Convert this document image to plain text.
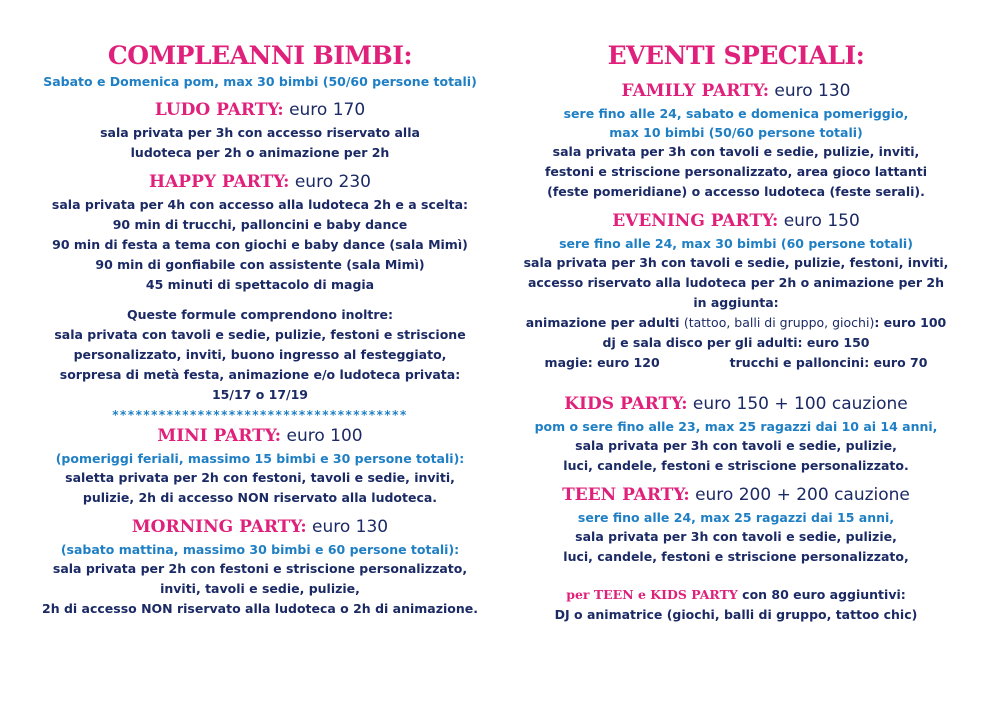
COMPLEANNI BIMBI:

Sabato e Domenica pom, max 30 bimbi (50/60 persone totali)

LUDO PARTY: euro 170

sala privata per 3h con accesso riservato alla

ludoteca per 2h o animazione per 2h

HAPPY PARTY: euro 230

sala privata per 4h con accesso alla ludoteca 2h e a scelta:

90 min di trucchi, palloncini e baby dance

90 min di festa a tema con giochi e baby dance (sala Mimì)

90 min di gonfiabile con assistente (sala Mimì)

45 minuti di spettacolo di magia

Queste formule comprendono inoltre:

sala privata con tavoli e sedie, pulizie, festoni e striscione

personalizzato, inviti, buono ingresso al festeggiato,

sorpresa di metà festa, animazione e/o ludoteca privata:

15/17 o 17/19

**************************************

MINI PARTY: euro 100

(pomeriggi feriali, massimo 15 bimbi e 30 persone totali):

saletta privata per 2h con festoni, tavoli e sedie, inviti,

pulizie, 2h di accesso NON riservato alla ludoteca.

MORNING PARTY: euro 130

(sabato mattina, massimo 30 bimbi e 60 persone totali):

sala privata per 2h con festoni e striscione personalizzato,

inviti, tavoli e sedie, pulizie,

2h di accesso NON riservato alla ludoteca o 2h di animazione.

EVENTI SPECIALI:

FAMILY PARTY: euro 130

sere fino alle 24, sabato e domenica pomeriggio,

max 10 bimbi (50/60 persone totali)

sala privata per 3h con tavoli e sedie, pulizie, inviti,

festoni e striscione personalizzato, area gioco lattanti

(feste pomeridiane) o accesso ludoteca (feste serali).

EVENING PARTY: euro 150

sere fino alle 24, max 30 bimbi (60 persone totali)

sala privata per 3h con tavoli e sedie, pulizie, festoni, inviti,

accesso riservato alla ludoteca per 2h o animazione per 2h

in aggiunta:

animazione per adulti (tattoo, balli di gruppo, giochi): euro 100

dj e sala disco per gli adulti: euro 150

magie: euro 120	trucchi e palloncini: euro 70

KIDS PARTY: euro 150 + 100 cauzione

pom o sere fino alle 23, max 25 ragazzi dai 10 ai 14 anni,

sala privata per 3h con tavoli e sedie, pulizie,

luci, candele, festoni e striscione personalizzato.

TEEN PARTY: euro 200 + 200 cauzione

sere fino alle 24, max 25 ragazzi dai 15 anni,

sala privata per 3h con tavoli e sedie, pulizie,

luci, candele, festoni e striscione personalizzato,

per TEEN e KIDS PARTY con 80 euro aggiuntivi:

DJ o animatrice (giochi, balli di gruppo, tattoo chic)
